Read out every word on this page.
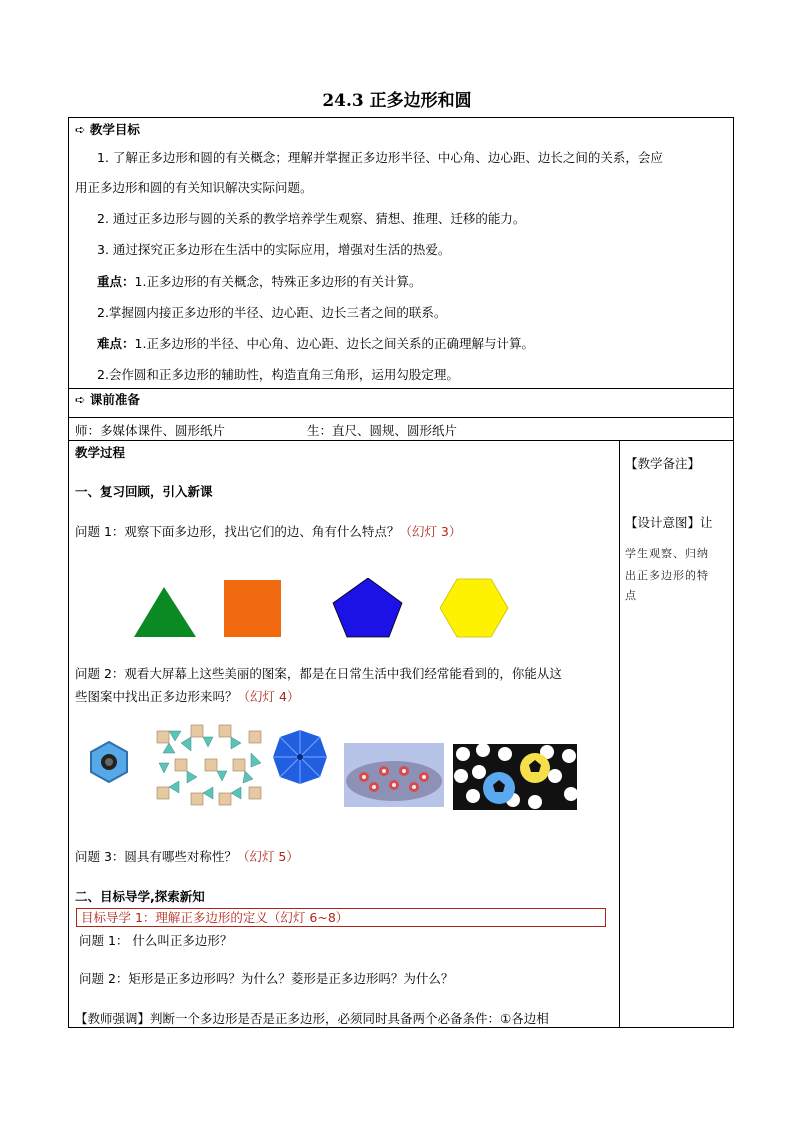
24.3 正多边形和圆
➪ 教学目标
1. 了解正多边形和圆的有关概念；理解并掌握正多边形半径、中心角、边心距、边长之间的关系，会应
用正多边形和圆的有关知识解决实际问题。
2. 通过正多边形与圆的关系的教学培养学生观察、猜想、推理、迁移的能力。
3. 通过探究正多边形在生活中的实际应用，增强对生活的热爱。
重点：1.正多边形的有关概念，特殊正多边形的有关计算。
2.掌握圆内接正多边形的半径、边心距、边长三者之间的联系。
难点：1.正多边形的半径、中心角、边心距、边长之间关系的正确理解与计算。
2.会作圆和正多边形的辅助性，构造直角三角形，运用勾股定理。
➪ 课前准备
师：多媒体课件、圆形纸片	生：直尺、圆规、圆形纸片
教学过程
一、复习回顾，引入新课
问题 1：观察下面多边形，找出它们的边、角有什么特点？（幻灯 3）
问题 2：观看大屏幕上这些美丽的图案，都是在日常生活中我们经常能看到的，你能从这
些图案中找出正多边形来吗？（幻灯 4）
问题 3：圆具有哪些对称性？（幻灯 5）
二、目标导学,探索新知
目标导学 1：理解正多边形的定义（幻灯 6~8）
问题 1： 什么叫正多边形？
问题 2：矩形是正多边形吗？为什么？菱形是正多边形吗？为什么？
【教师强调】判断一个多边形是否是正多边形，必须同时具备两个必备条件：①各边相
【教学备注】
【设计意图】让
学生观察、归纳
出正多边形的特
点
